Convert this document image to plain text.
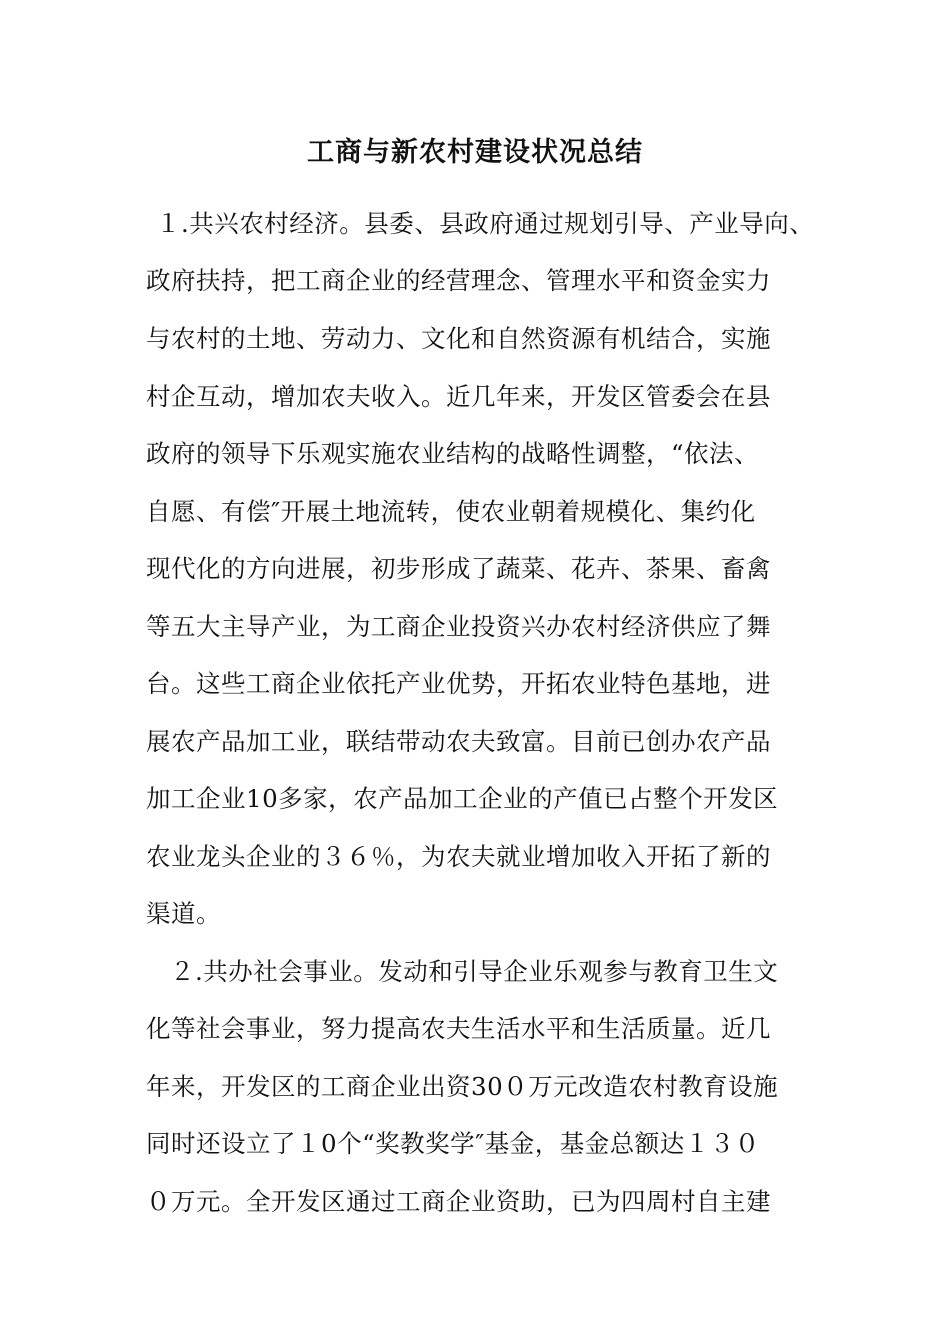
工商与新农村建设状况总结
１.共兴农村经济。县委、县政府通过规划引导、产业导向、
政府扶持，把工商企业的经营理念、管理水平和资金实力
与农村的土地、劳动力、文化和自然资源有机结合，实施
村企互动，增加农夫收入。近几年来，开发区管委会在县
政府的领导下乐观实施农业结构的战略性调整，“依法、
自愿、有偿″开展土地流转，使农业朝着规模化、集约化
现代化的方向进展，初步形成了蔬菜、花卉、茶果、畜禽
等五大主导产业，为工商企业投资兴办农村经济供应了舞
台。这些工商企业依托产业优势，开拓农业特色基地，进
展农产品加工业，联结带动农夫致富。目前已创办农产品
加工企业10多家，农产品加工企业的产值已占整个开发区
农业龙头企业的３６％，为农夫就业增加收入开拓了新的
渠道。
２.共办社会事业。发动和引导企业乐观参与教育卫生文
化等社会事业，努力提高农夫生活水平和生活质量。近几
年来，开发区的工商企业出资30０万元改造农村教育设施
同时还设立了１0个“奖教奖学″基金，基金总额达１３０
０万元。全开发区通过工商企业资助，已为四周村自主建
